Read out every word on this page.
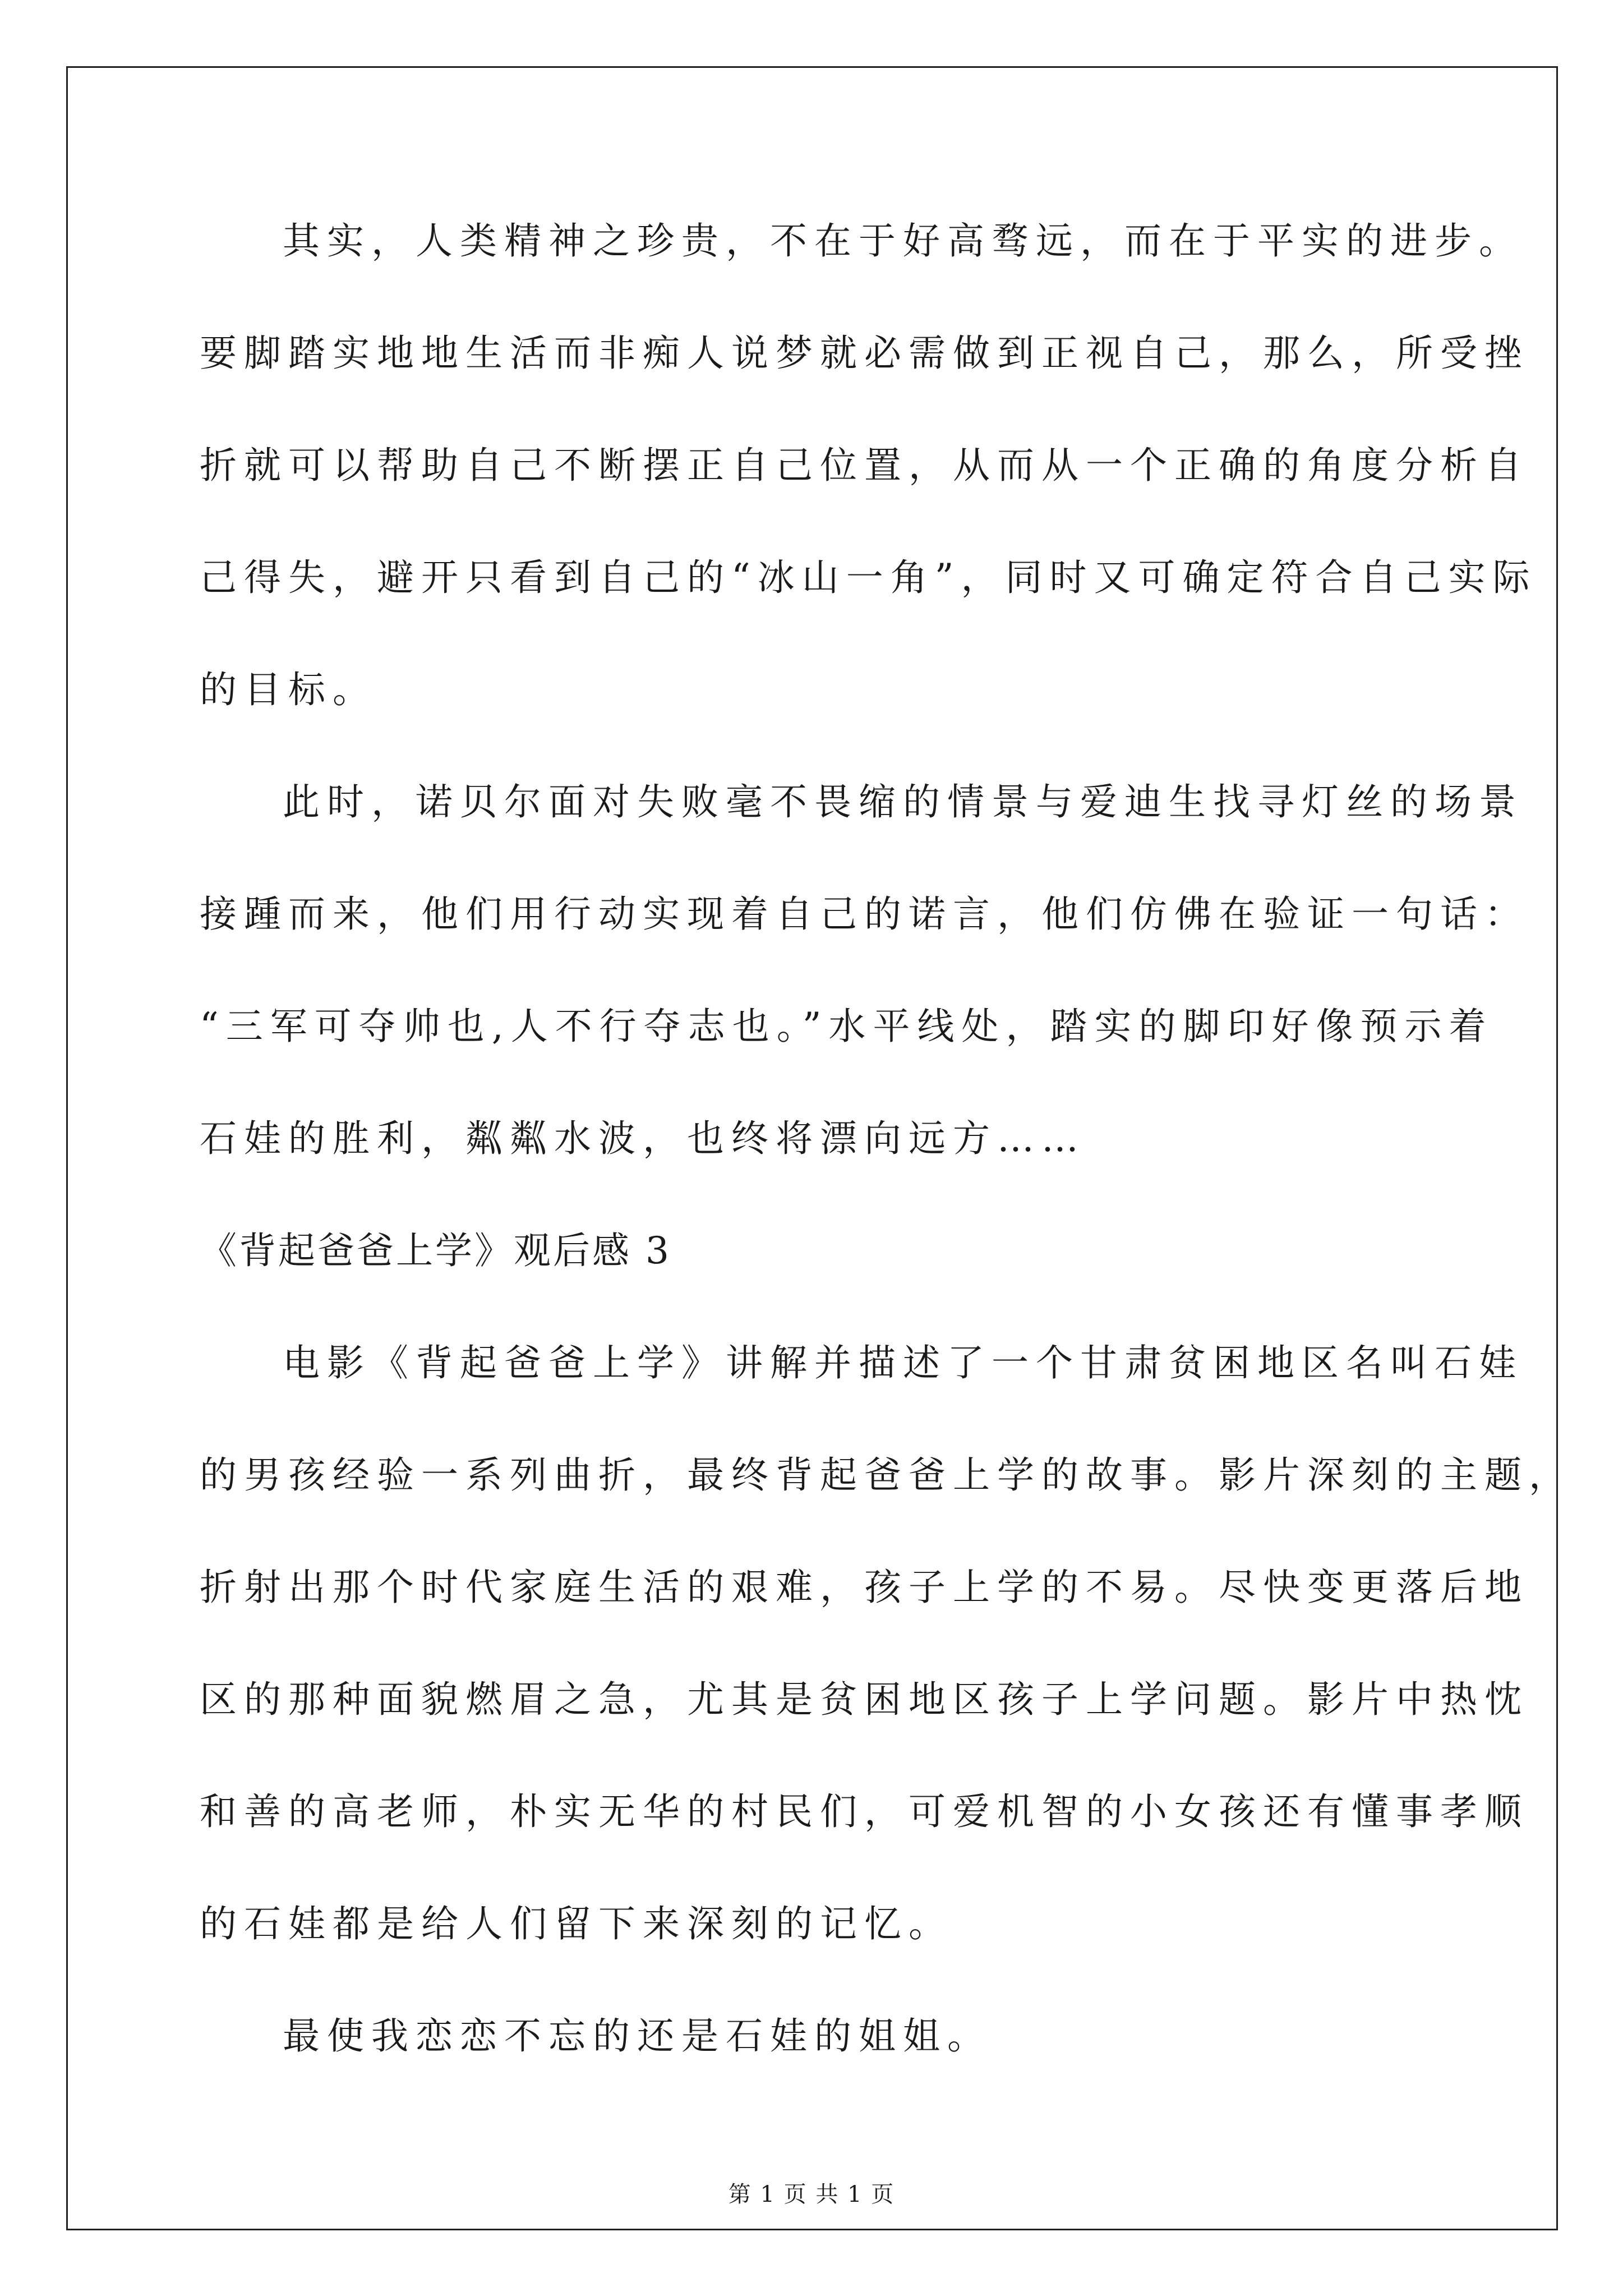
其实，人类精神之珍贵，不在于好高骛远，而在于平实的进步。
要脚踏实地地生活而非痴人说梦就必需做到正视自己，那么，所受挫
折就可以帮助自己不断摆正自己位置，从而从一个正确的角度分析自
己得失，避开只看到自己的“冰山一角”，同时又可确定符合自己实际
的目标。
此时，诺贝尔面对失败毫不畏缩的情景与爱迪生找寻灯丝的场景
接踵而来，他们用行动实现着自己的诺言，他们仿佛在验证一句话：
“三军可夺帅也,人不行夺志也。”水平线处，踏实的脚印好像预示着
石娃的胜利，粼粼水波，也终将漂向远方……
《背起爸爸上学》观后感 3
电影《背起爸爸上学》讲解并描述了一个甘肃贫困地区名叫石娃
的男孩经验一系列曲折，最终背起爸爸上学的故事。影片深刻的主题，
折射出那个时代家庭生活的艰难，孩子上学的不易。尽快变更落后地
区的那种面貌燃眉之急，尤其是贫困地区孩子上学问题。影片中热忱
和善的高老师，朴实无华的村民们，可爱机智的小女孩还有懂事孝顺
的石娃都是给人们留下来深刻的记忆。
最使我恋恋不忘的还是石娃的姐姐。
第 1 页 共 1 页
